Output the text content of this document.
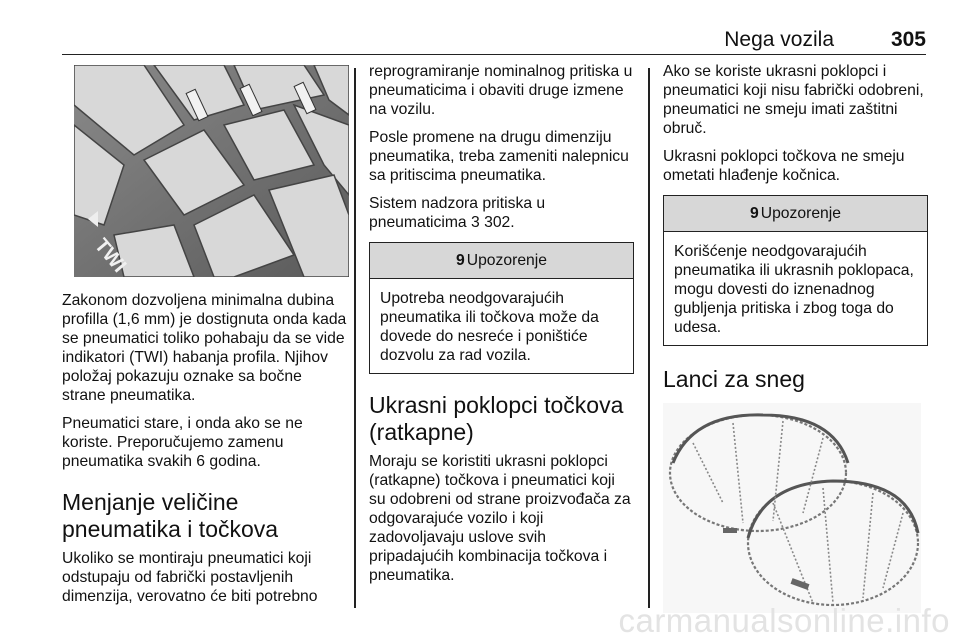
Nega vozila	305
TWI

Zakonom dozvoljena minimalna dubina profilla (1,6 mm) je dostignuta onda kada se pneumatici toliko pohabaju da se vide indikatori (TWI) habanja profila. Njihov položaj pokazuju oznake sa bočne strane pneumatika.

Pneumatici stare, i onda ako se ne koriste. Preporučujemo zamenu pneumatika svakih 6 godina.

Menjanje veličine pneumatika i točkova

Ukoliko se montiraju pneumatici koji odstupaju od fabrički postavljenih dimenzija, verovatno će biti potrebno

reprogramiranje nominalnog pritiska u pneumaticima i obaviti druge izmene na vozilu.

Posle promene na drugu dimenziju pneumatika, treba zameniti nalepnicu sa pritiscima pneumatika.

Sistem nadzora pritiska u pneumaticima 3 302.

9 Upozorenje

Upotreba neodgovarajućih pneumatika ili točkova može da dovede do nesreće i poništiće dozvolu za rad vozila.

Ukrasni poklopci točkova (ratkapne)

Moraju se koristiti ukrasni poklopci (ratkapne) točkova i pneumatici koji su odobreni od strane proizvođača za odgovarajuće vozilo i koji zadovoljavaju uslove svih pripadajućih kombinacija točkova i pneumatika.

Ako se koriste ukrasni poklopci i pneumatici koji nisu fabrički odobreni, pneumatici ne smeju imati zaštitni obruč.

Ukrasni poklopci točkova ne smeju ometati hlađenje kočnica.

9 Upozorenje

Korišćenje neodgovarajućih pneumatika ili ukrasnih poklopaca, mogu dovesti do iznenadnog gubljenja pritiska i zbog toga do udesa.

Lanci za sneg
carmanualsonline.info
